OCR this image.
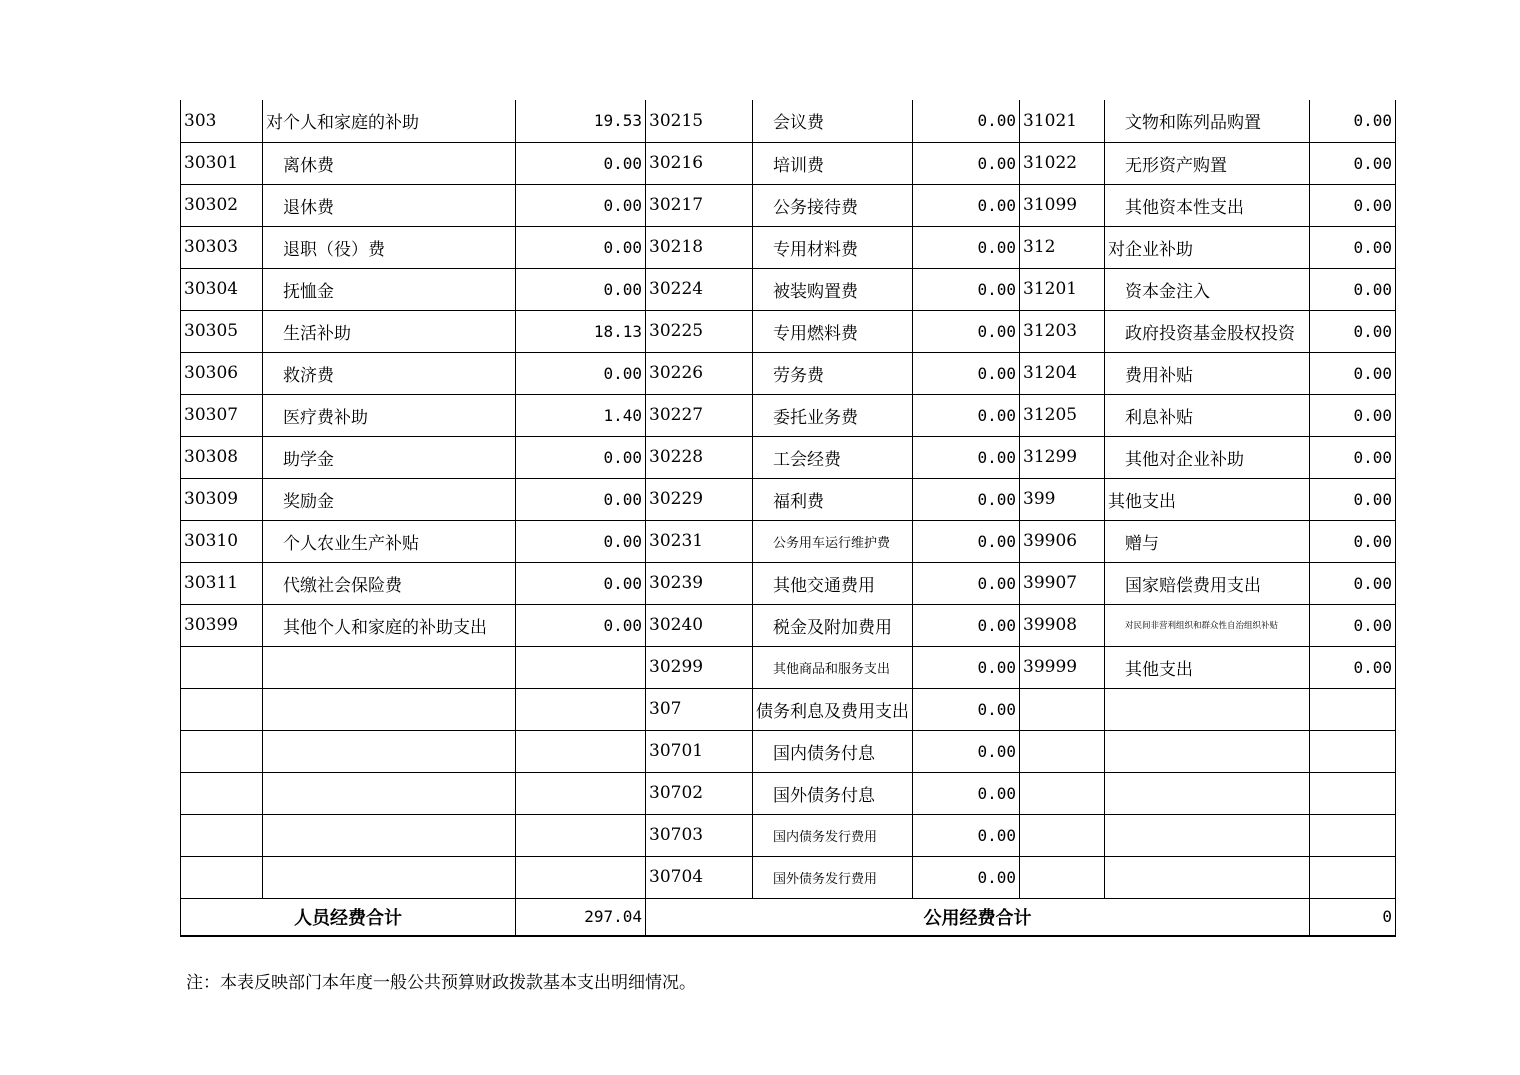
303	对个人和家庭的补助	19.53	30215	会议费	0.00	31021	文物和陈列品购置	0.00
30301	离休费	0.00	30216	培训费	0.00	31022	无形资产购置	0.00
30302	退休费	0.00	30217	公务接待费	0.00	31099	其他资本性支出	0.00
30303	退职（役）费	0.00	30218	专用材料费	0.00	312	对企业补助	0.00
30304	抚恤金	0.00	30224	被装购置费	0.00	31201	资本金注入	0.00
30305	生活补助	18.13	30225	专用燃料费	0.00	31203	政府投资基金股权投资	0.00
30306	救济费	0.00	30226	劳务费	0.00	31204	费用补贴	0.00
30307	医疗费补助	1.40	30227	委托业务费	0.00	31205	利息补贴	0.00
30308	助学金	0.00	30228	工会经费	0.00	31299	其他对企业补助	0.00
30309	奖励金	0.00	30229	福利费	0.00	399	其他支出	0.00
30310	个人农业生产补贴	0.00	30231	公务用车运行维护费	0.00	39906	赠与	0.00
30311	代缴社会保险费	0.00	30239	其他交通费用	0.00	39907	国家赔偿费用支出	0.00
30399	其他个人和家庭的补助支出	0.00	30240	税金及附加费用	0.00	39908	对民间非营利组织和群众性自治组织补贴	0.00
			30299	其他商品和服务支出	0.00	39999	其他支出	0.00
			307	债务利息及费用支出	0.00			
			30701	国内债务付息	0.00			
			30702	国外债务付息	0.00			
			30703	国内债务发行费用	0.00			
			30704	国外债务发行费用	0.00			
人员经费合计		297.04	公用经费合计					0
注：本表反映部门本年度一般公共预算财政拨款基本支出明细情况。
